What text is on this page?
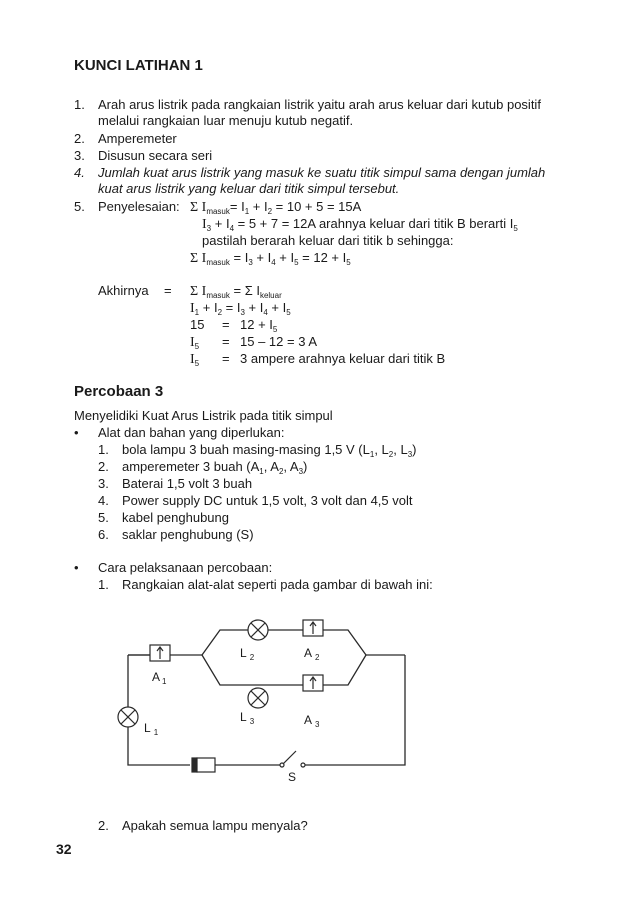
KUNCI LATIHAN 1
1. Arah arus listrik pada rangkaian listrik yaitu arah arus keluar dari kutub positif
melalui rangkaian luar menuju kutub negatif.
2. Amperemeter
3. Disusun secara seri
4. Jumlah kuat arus listrik yang masuk ke suatu titik simpul sama dengan jumlah
kuat arus listrik yang keluar dari titik simpul tersebut.
5. Penyelesaian: Σ $I_{masuk}= I_1 + I_2 = 10 + 5 = 15A$
$I_3 + I_4 = 5 + 7 = 12A$ arahnya keluar dari titik B berarti $I_5$
pastilah berarah keluar dari titik b sehingga:
Σ $I_{masuk} = I_3 + I_4 + I_5 = 12 + I_5$
Akhirnya = Σ $I_{masuk} = \Sigma$ $I_{keluar}$
$I_1 + I_2 = I_3 + I_4 + I_5$
$15 = 12 + I_5$
$I_5 = 15 - 12 = 3$ A
$I_5 = 3$ ampere arahnya keluar dari titik B
Percobaan 3
Menyelidiki Kuat Arus Listrik pada titik simpul
• Alat dan bahan yang diperlukan:
1. bola lampu 3 buah masing-masing 1,5 V ($L_1$, $L_2$, $L_3$)
2. amperemeter 3 buah ($A_1$, $A_2$, $A_3$)
3. Baterai 1,5 volt 3 buah
4. Power supply DC untuk 1,5 volt, 3 volt dan 4,5 volt
5. kabel penghubung
6. saklar penghubung (S)
• Cara pelaksanaan percobaan:
1. Rangkaian alat-alat seperti pada gambar di bawah ini:
A $_1$
L $_1$
L $_2$	A $_2$
L $_3$	A $_3$
S
2. Apakah semua lampu menyala?
32
